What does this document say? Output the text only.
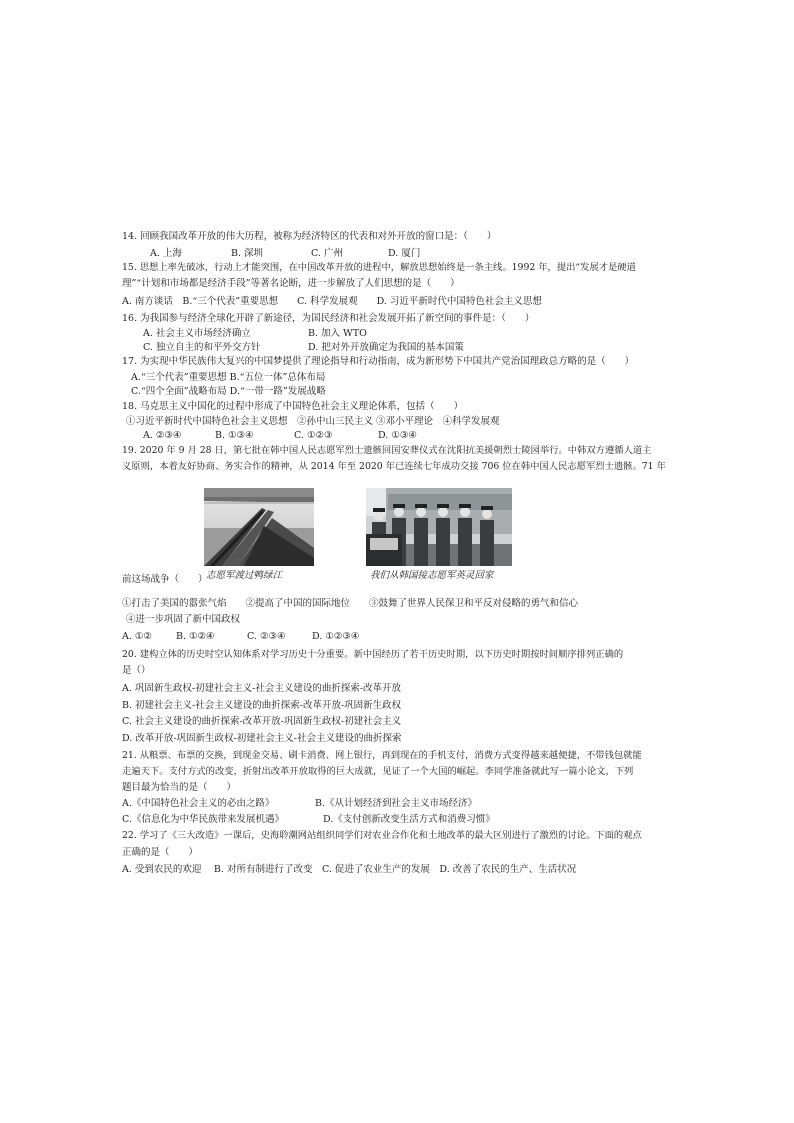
14. 回顾我国改革开放的伟大历程，被称为经济特区的代表和对外开放的窗口是：（　　）
A. 上海	B. 深圳	C. 广州	D. 厦门
15. 思想上率先破冰，行动上才能突围，在中国改革开放的进程中，解放思想始终是一条主线。1992 年，提出“发展才是硬道
理”“计划和市场都是经济手段”等著名论断，进一步解放了人们思想的是（　　）
A. 南方谈话　B.“三个代表”重要思想　　C. 科学发展观　　D. 习近平新时代中国特色社会主义思想
16. 为我国参与经济全球化开辟了新途径，为国民经济和社会发展开拓了新空间的事件是：（　　）
A. 社会主义市场经济确立	B. 加入 WTO
C. 独立自主的和平外交方针	D. 把对外开放确定为我国的基本国策
17. 为实现中华民族伟大复兴的中国梦提供了理论指导和行动指南，成为新形势下中国共产党治国理政总方略的是（　　）
A.“三个代表”重要思想 B.“五位一体”总体布局
C.“四个全面”战略布局 D.“一带一路”发展战略
18. 马克思主义中国化的过程中形成了中国特色社会主义理论体系，包括（　　）
①习近平新时代中国特色社会主义思想　②孙中山三民主义 ③邓小平理论　④科学发展观
A. ②③④	B. ①③④	C. ①②③	D. ①③④
19. 2020 年 9 月 28 日，第七批在韩中国人民志愿军烈士遗骸回国安葬仪式在沈阳抗美援朝烈士陵园举行。中韩双方遵循人道主
义原则，本着友好协商、务实合作的精神，从 2014 年至 2020 年已连续七年成功交接 706 位在韩中国人民志愿军烈士遗骸。71 年
志愿军渡过鸭绿江	我们从韩国接志愿军英灵回家
前这场战争（　　）
①打击了美国的嚣张气焰　　②提高了中国的国际地位　　③鼓舞了世界人民保卫和平反对侵略的勇气和信心
④进一步巩固了新中国政权
A. ①②	B. ①②④	C. ②③④	D. ①②③④
20. 建构立体的历史时空认知体系对学习历史十分重要。新中国经历了若干历史时期，以下历史时期按时间顺序排列正确的
是（）
A. 巩固新生政权-初建社会主义-社会主义建设的曲折探索-改革开放
B. 初建社会主义-社会主义建设的曲折探索-改革开放-巩固新生政权
C. 社会主义建设的曲折探索-改革开放-巩固新生政权-初建社会主义
D. 改革开放-巩固新生政权-初建社会主义-社会主义建设的曲折探索
21. 从粮票、布票的交换，到现金交易、刷卡消费、网上银行，再到现在的手机支付，消费方式变得越来越便捷，不带钱包就能
走遍天下。支付方式的改变，折射出改革开放取得的巨大成就，见证了一个大国的崛起。李同学准备就此写一篇小论文，下列
题目最为恰当的是（　　）
A.《中国特色社会主义的必由之路》	B.《从计划经济到社会主义市场经济》
C.《信息化为中华民族带来发展机遇》	D.《支付创新改变生活方式和消费习惯》
22. 学习了《三大改造》一课后，史海聆潮网站组织同学们对农业合作化和土地改革的最大区别进行了激烈的讨论。下面的观点
正确的是（　　）
A. 受到农民的欢迎　 B. 对所有制进行了改变　C. 促进了农业生产的发展　D. 改善了农民的生产、生活状况
